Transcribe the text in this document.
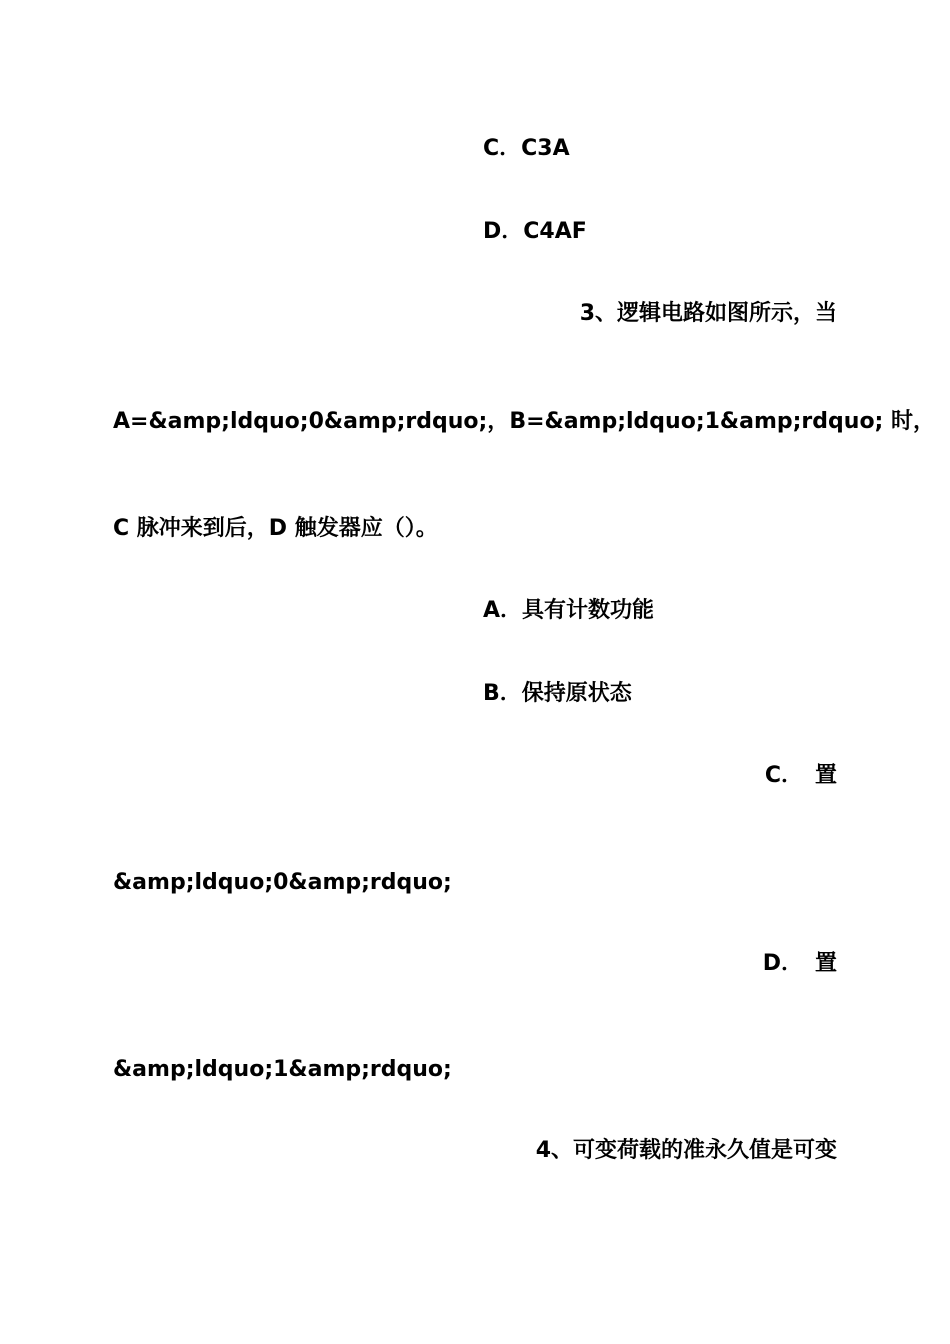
C．C3A
D．C4AF
3、逻辑电路如图所示，当
A=&amp;ldquo;0&amp;rdquo;， B=&amp;ldquo;1&amp;rdquo; 时，
C 脉冲来到后，D 触发器应（）。
A．具有计数功能
B．保持原状态
C． 置
&amp;ldquo;0&amp;rdquo;
D． 置
&amp;ldquo;1&amp;rdquo;
4、可变荷载的准永久值是可变
